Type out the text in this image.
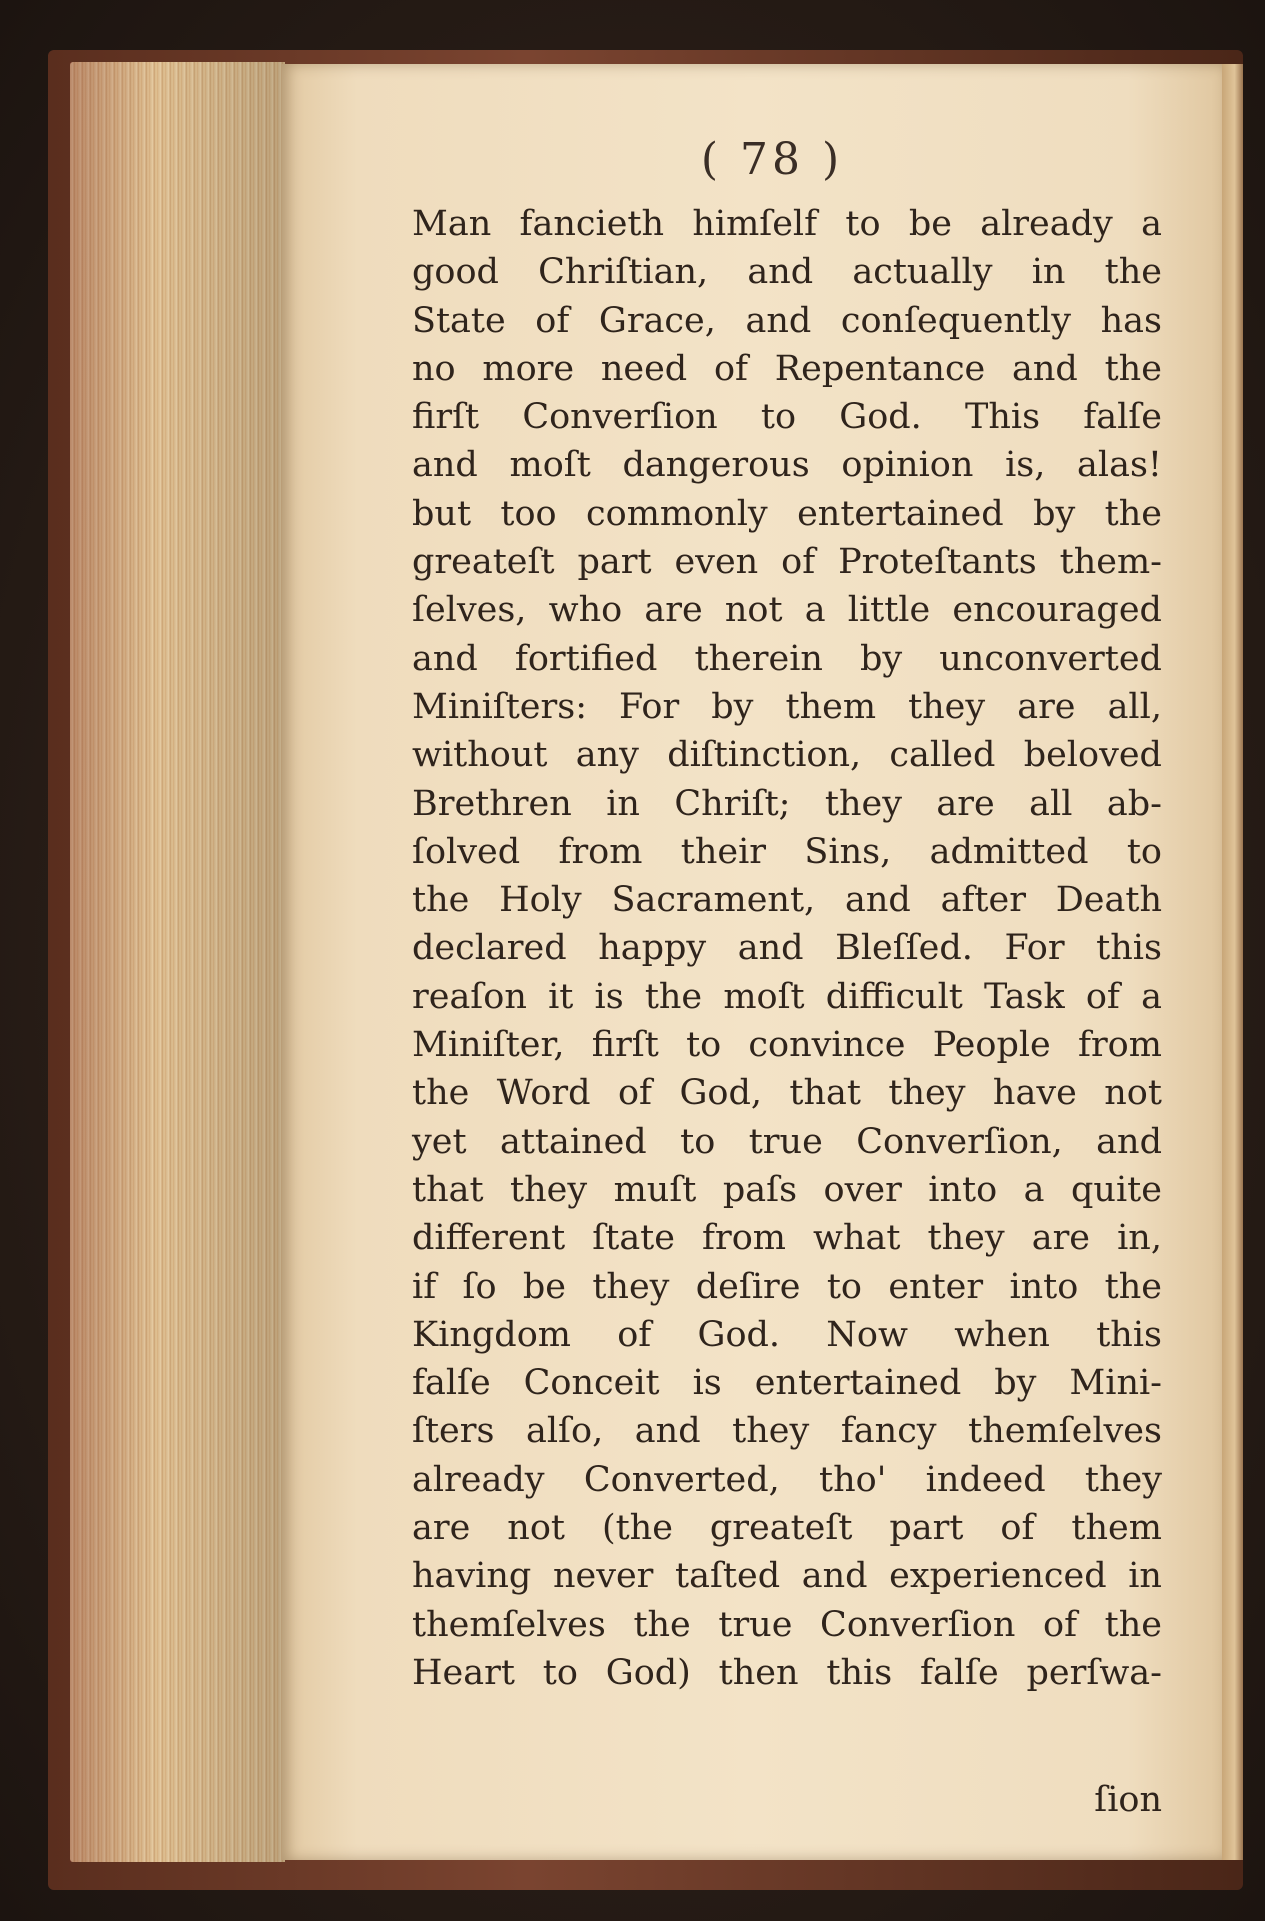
( 78 )
Man fancieth himſelf to be already a
good Chriſtian, and actually in the
State of Grace, and conſequently has
no more need of Repentance and the
firſt Converſion to God. This falſe
and moſt dangerous opinion is, alas!
but too commonly entertained by the
greateſt part even of Proteſtants them-
ſelves, who are not a little encouraged
and fortified therein by unconverted
Miniſters: For by them they are all,
without any diſtinction, called beloved
Brethren in Chriſt; they are all ab-
ſolved from their Sins, admitted to
the Holy Sacrament, and after Death
declared happy and Bleſſed. For this
reaſon it is the moſt difficult Task of a
Miniſter, firſt to convince People from
the Word of God, that they have not
yet attained to true Converſion, and
that they muſt paſs over into a quite
different ſtate from what they are in,
if ſo be they deſire to enter into the
Kingdom of God. Now when this
falſe Conceit is entertained by Mini-
ſters alſo, and they fancy themſelves
already Converted, tho' indeed they
are not (the greateſt part of them
having never taſted and experienced in
themſelves the true Converſion of the
Heart to God) then this falſe perſwa-
ſion
